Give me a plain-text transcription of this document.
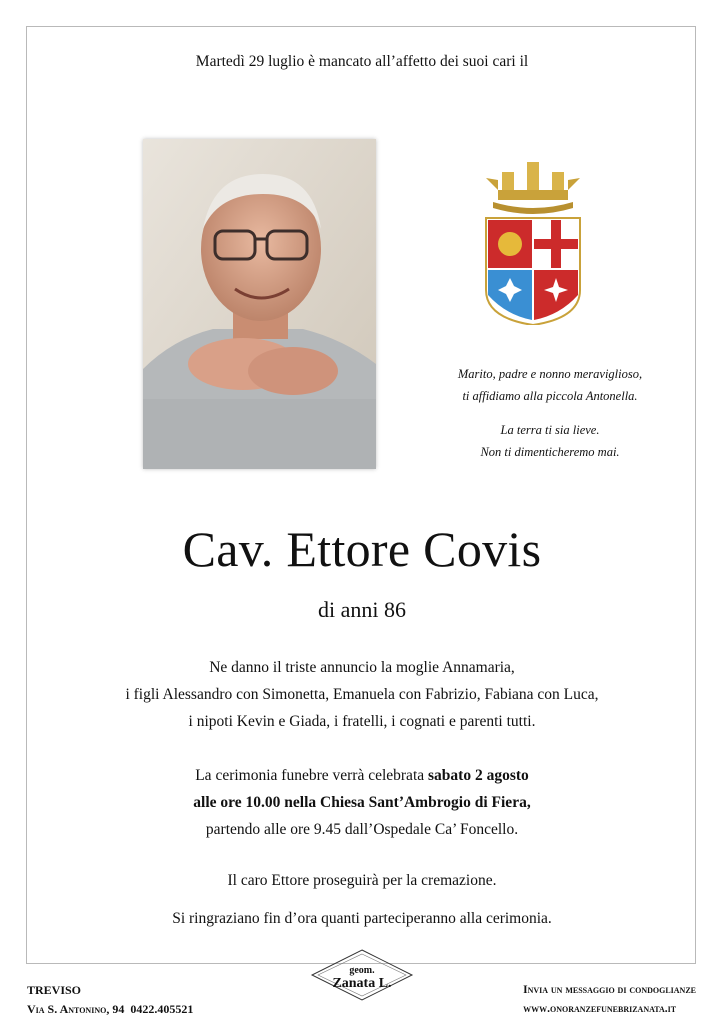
Martedì 29 luglio è mancato all’affetto dei suoi cari il

Marito, padre e nonno meraviglioso,

ti affidiamo alla piccola Antonella.

La terra ti sia lieve.

Non ti dimenticheremo mai.

Cav. Ettore Covis
di anni 86
Ne danno il triste annuncio la moglie Annamaria,
i figli Alessandro con Simonetta, Emanuela con Fabrizio, Fabiana con Luca,
i nipoti Kevin e Giada, i fratelli, i cognati e parenti tutti.
La cerimonia funebre verrà celebrata sabato 2 agosto
alle ore 10.00 nella Chiesa Sant’Ambrogio di Fiera,
partendo alle ore 9.45 dall’Ospedale Ca’ Foncello.
Il caro Ettore proseguirà per la cremazione.
Si ringraziano fin d’ora quanti parteciperanno alla cerimonia.
TREVISO
Via S. Antonino, 94 0422.405521
geom.
Zanata L.	Invia un messaggio di condoglianze
www.onoranzefunebrizanata.it
